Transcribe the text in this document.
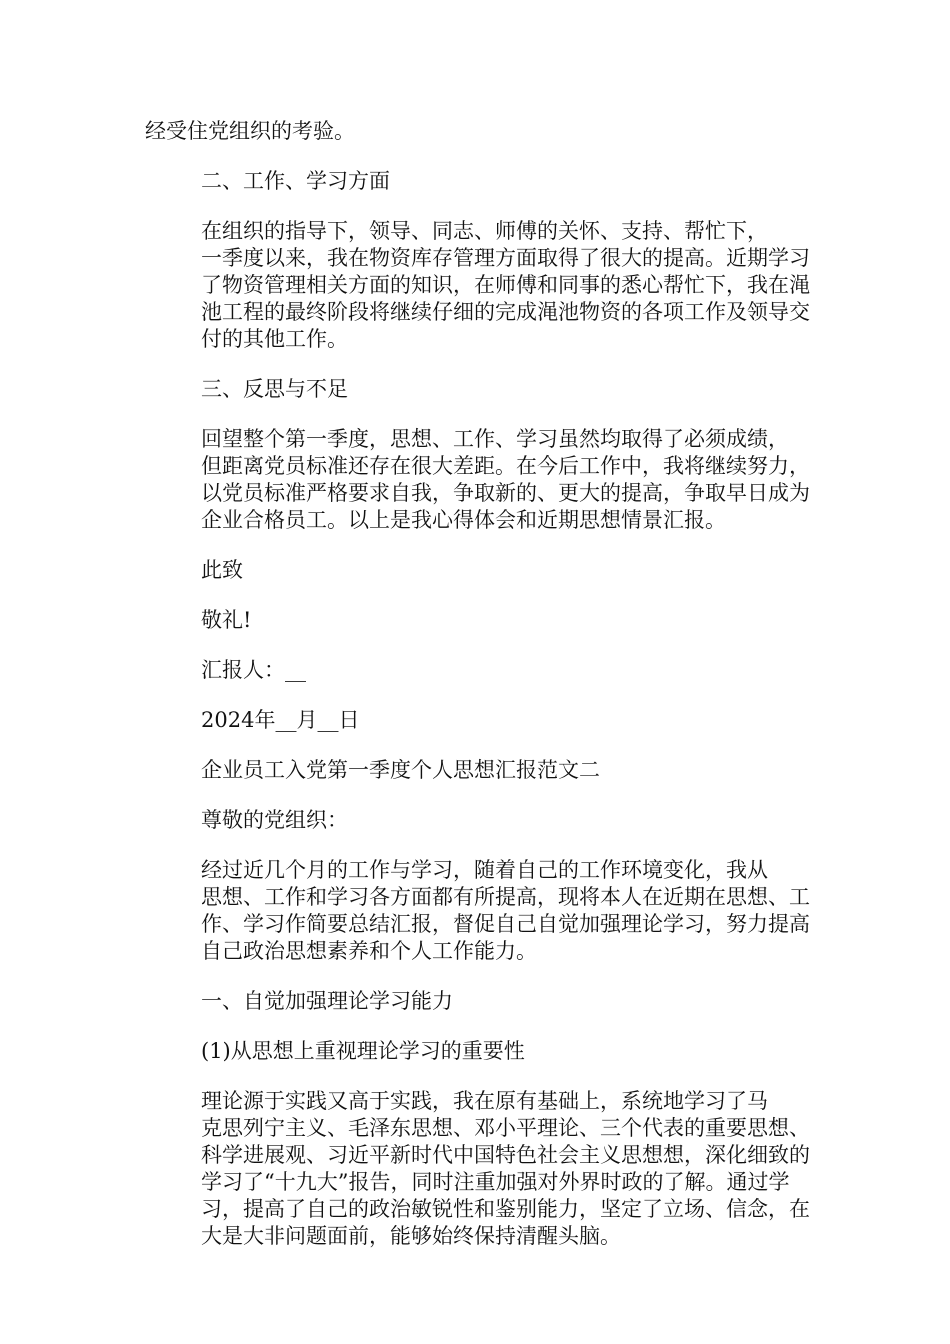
经受住党组织的考验。

二、工作、学习方面

在组织的指导下，领导、同志、师傅的关怀、支持、帮忙下，
一季度以来，我在物资库存管理方面取得了很大的提高。近期学习
了物资管理相关方面的知识，在师傅和同事的悉心帮忙下，我在渑
池工程的最终阶段将继续仔细的完成渑池物资的各项工作及领导交
付的其他工作。

三、反思与不足

回望整个第一季度，思想、工作、学习虽然均取得了必须成绩，
但距离党员标准还存在很大差距。在今后工作中，我将继续努力，
以党员标准严格要求自我，争取新的、更大的提高，争取早日成为
企业合格员工。以上是我心得体会和近期思想情景汇报。

此致

敬礼!

汇报人：__

2024年__月__日

企业员工入党第一季度个人思想汇报范文二

尊敬的党组织：

经过近几个月的工作与学习，随着自己的工作环境变化，我从
思想、工作和学习各方面都有所提高，现将本人在近期在思想、工
作、学习作简要总结汇报，督促自己自觉加强理论学习，努力提高
自己政治思想素养和个人工作能力。

一、自觉加强理论学习能力

(1)从思想上重视理论学习的重要性

理论源于实践又高于实践，我在原有基础上，系统地学习了马
克思列宁主义、毛泽东思想、邓小平理论、三个代表的重要思想、
科学进展观、习近平新时代中国特色社会主义思想想，深化细致的
学习了“十九大”报告，同时注重加强对外界时政的了解。通过学
习，提高了自己的政治敏锐性和鉴别能力，坚定了立场、信念，在
大是大非问题面前，能够始终保持清醒头脑。
